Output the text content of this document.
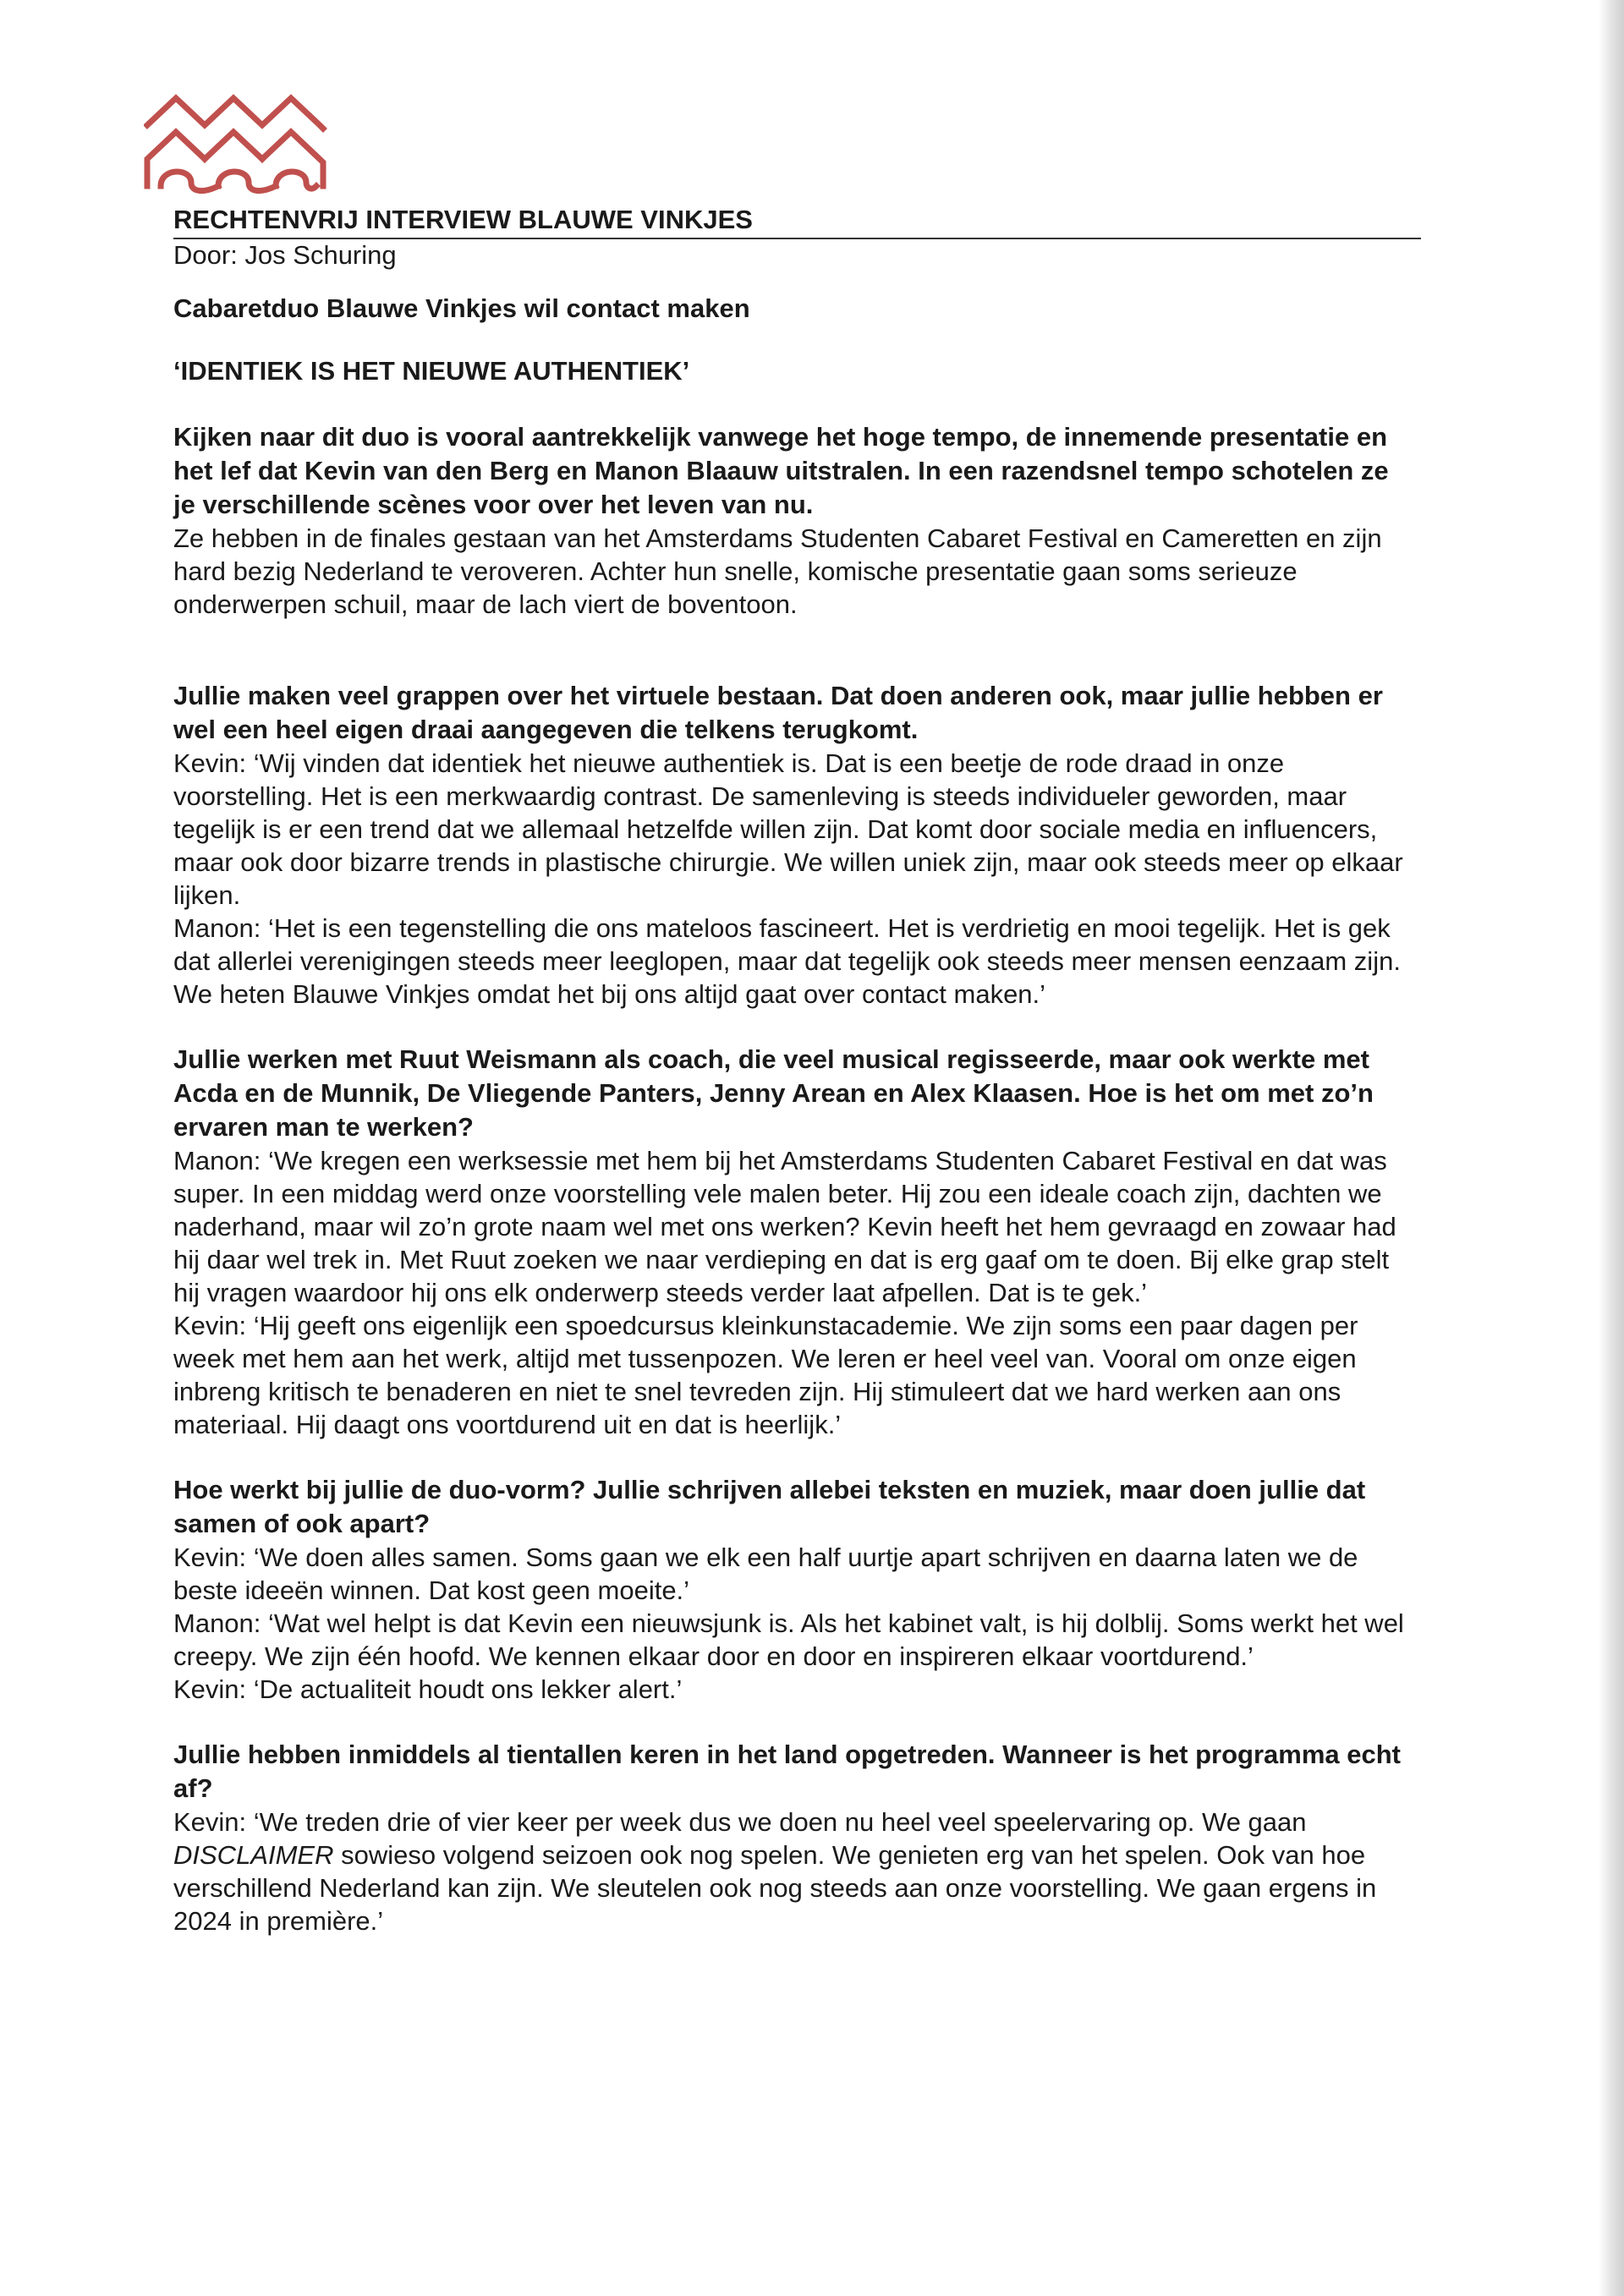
RECHTENVRIJ INTERVIEW BLAUWE VINKJES

Door: Jos Schuring

Cabaretduo Blauwe Vinkjes wil contact maken

‘IDENTIEK IS HET NIEUWE AUTHENTIEK’

Kijken naar dit duo is vooral aantrekkelijk vanwege het hoge tempo, de innemende presentatie en het lef dat Kevin van den Berg en Manon Blaauw uitstralen. In een razendsnel tempo schotelen ze je verschillende scènes voor over het leven van nu.

Ze hebben in de finales gestaan van het Amsterdams Studenten Cabaret Festival en Cameretten en zijn hard bezig Nederland te veroveren. Achter hun snelle, komische presentatie gaan soms serieuze onderwerpen schuil, maar de lach viert de boventoon.

Jullie maken veel grappen over het virtuele bestaan. Dat doen anderen ook, maar jullie hebben er wel een heel eigen draai aangegeven die telkens terugkomt.

Kevin: ‘Wij vinden dat identiek het nieuwe authentiek is. Dat is een beetje de rode draad in onze voorstelling. Het is een merkwaardig contrast. De samenleving is steeds individueler geworden, maar tegelijk is er een trend dat we allemaal hetzelfde willen zijn. Dat komt door sociale media en influencers, maar ook door bizarre trends in plastische chirurgie. We willen uniek zijn, maar ook steeds meer op elkaar lijken.

Manon: ‘Het is een tegenstelling die ons mateloos fascineert. Het is verdrietig en mooi tegelijk. Het is gek dat allerlei verenigingen steeds meer leeglopen, maar dat tegelijk ook steeds meer mensen eenzaam zijn. We heten Blauwe Vinkjes omdat het bij ons altijd gaat over contact maken.’

Jullie werken met Ruut Weismann als coach, die veel musical regisseerde, maar ook werkte met Acda en de Munnik, De Vliegende Panters, Jenny Arean en Alex Klaasen. Hoe is het om met zo’n ervaren man te werken?

Manon: ‘We kregen een werksessie met hem bij het Amsterdams Studenten Cabaret Festival en dat was super. In een middag werd onze voorstelling vele malen beter. Hij zou een ideale coach zijn, dachten we naderhand, maar wil zo’n grote naam wel met ons werken? Kevin heeft het hem gevraagd en zowaar had hij daar wel trek in. Met Ruut zoeken we naar verdieping en dat is erg gaaf om te doen. Bij elke grap stelt hij vragen waardoor hij ons elk onderwerp steeds verder laat afpellen. Dat is te gek.’

Kevin: ‘Hij geeft ons eigenlijk een spoedcursus kleinkunstacademie. We zijn soms een paar dagen per week met hem aan het werk, altijd met tussenpozen. We leren er heel veel van. Vooral om onze eigen inbreng kritisch te benaderen en niet te snel tevreden zijn. Hij stimuleert dat we hard werken aan ons materiaal. Hij daagt ons voortdurend uit en dat is heerlijk.’

Hoe werkt bij jullie de duo-vorm? Jullie schrijven allebei teksten en muziek, maar doen jullie dat samen of ook apart?

Kevin: ‘We doen alles samen. Soms gaan we elk een half uurtje apart schrijven en daarna laten we de beste ideeën winnen. Dat kost geen moeite.’

Manon: ‘Wat wel helpt is dat Kevin een nieuwsjunk is. Als het kabinet valt, is hij dolblij. Soms werkt het wel creepy. We zijn één hoofd. We kennen elkaar door en door en inspireren elkaar voortdurend.’

Kevin: ‘De actualiteit houdt ons lekker alert.’

Jullie hebben inmiddels al tientallen keren in het land opgetreden. Wanneer is het programma echt af?

Kevin: ‘We treden drie of vier keer per week dus we doen nu heel veel speelervaring op. We gaan DISCLAIMER sowieso volgend seizoen ook nog spelen. We genieten erg van het spelen. Ook van hoe verschillend Nederland kan zijn. We sleutelen ook nog steeds aan onze voorstelling. We gaan ergens in 2024 in première.’
